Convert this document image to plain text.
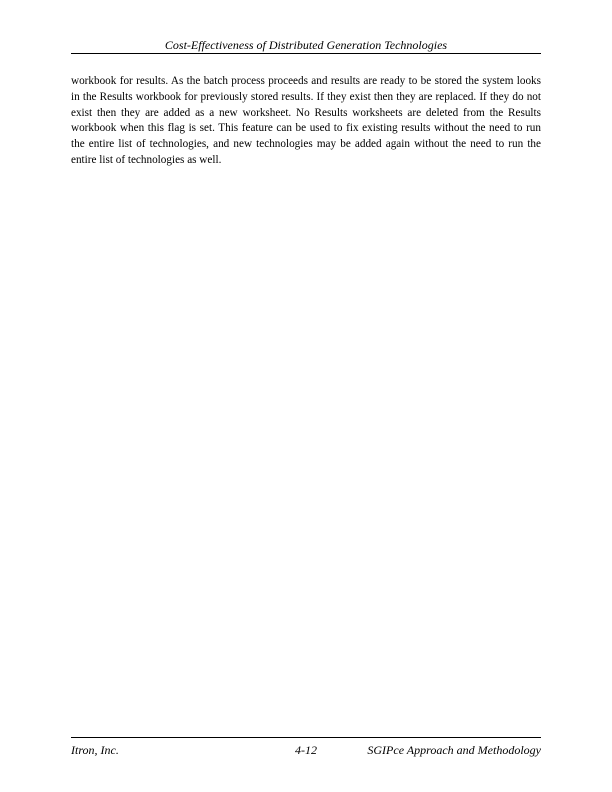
Cost-Effectiveness of Distributed Generation Technologies

workbook for results. As the batch process proceeds and results are ready to be stored the system looks in the Results workbook for previously stored results. If they exist then they are replaced. If they do not exist then they are added as a new worksheet. No Results worksheets are deleted from the Results workbook when this flag is set. This feature can be used to fix existing results without the need to run the entire list of technologies, and new technologies may be added again without the need to run the entire list of technologies as well.

Itron, Inc.	4-12	SGIPce Approach and Methodology
